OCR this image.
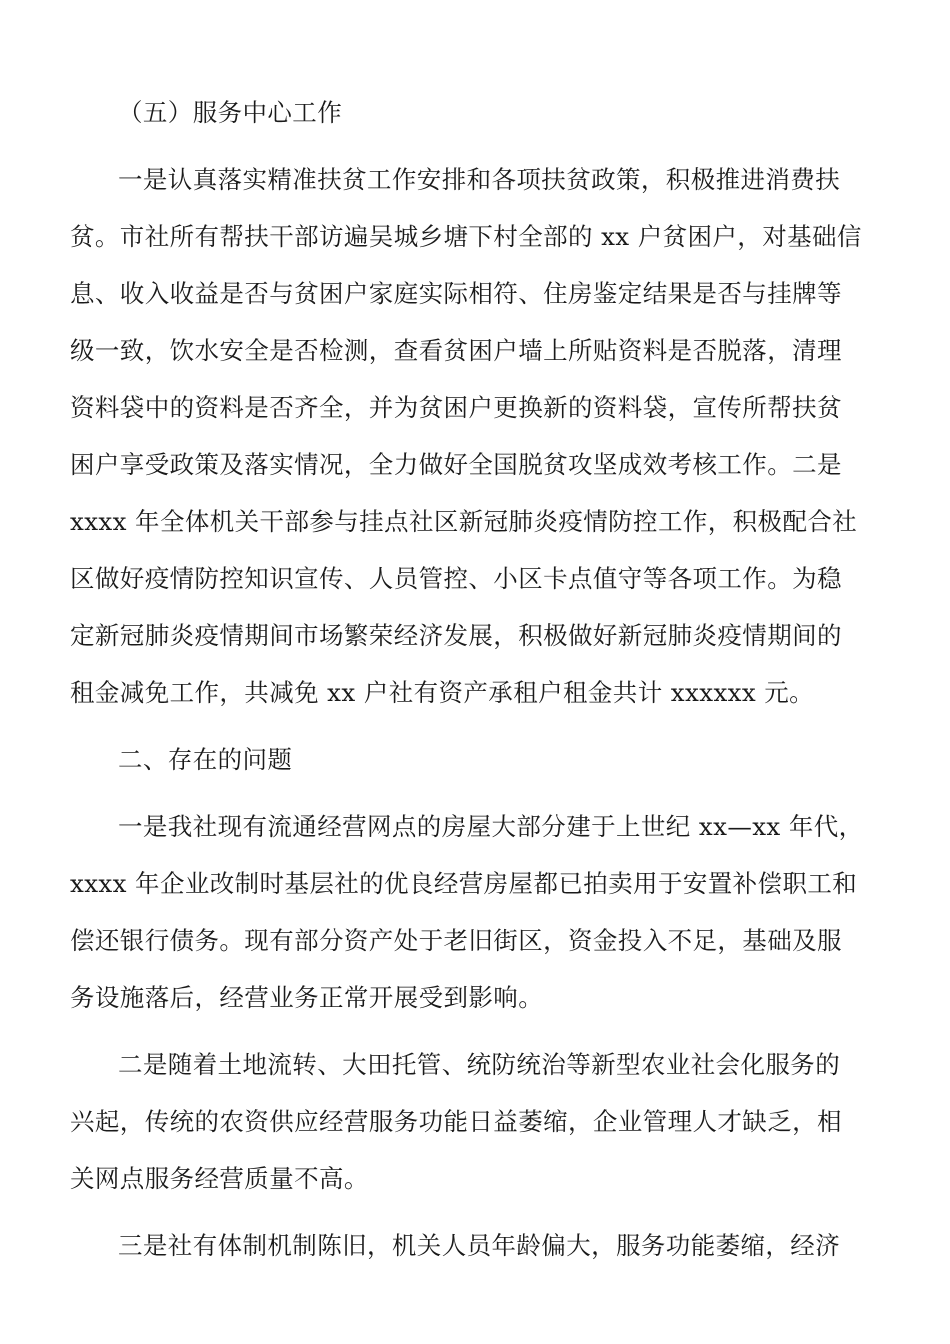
（五）服务中心工作
一是认真落实精准扶贫工作安排和各项扶贫政策，积极推进消费扶
贫。市社所有帮扶干部访遍吴城乡塘下村全部的 xx 户贫困户，对基础信
息、收入收益是否与贫困户家庭实际相符、住房鉴定结果是否与挂牌等
级一致，饮水安全是否检测，查看贫困户墙上所贴资料是否脱落，清理
资料袋中的资料是否齐全，并为贫困户更换新的资料袋，宣传所帮扶贫
困户享受政策及落实情况，全力做好全国脱贫攻坚成效考核工作。二是
xxxx 年全体机关干部参与挂点社区新冠肺炎疫情防控工作，积极配合社
区做好疫情防控知识宣传、人员管控、小区卡点值守等各项工作。为稳
定新冠肺炎疫情期间市场繁荣经济发展，积极做好新冠肺炎疫情期间的
租金减免工作，共减免 xx 户社有资产承租户租金共计 xxxxxx 元。
二、存在的问题
一是我社现有流通经营网点的房屋大部分建于上世纪 xx—xx 年代，
xxxx 年企业改制时基层社的优良经营房屋都已拍卖用于安置补偿职工和
偿还银行债务。现有部分资产处于老旧街区，资金投入不足，基础及服
务设施落后，经营业务正常开展受到影响。
二是随着土地流转、大田托管、统防统治等新型农业社会化服务的
兴起，传统的农资供应经营服务功能日益萎缩，企业管理人才缺乏，相
关网点服务经营质量不高。
三是社有体制机制陈旧，机关人员年龄偏大，服务功能萎缩，经济
